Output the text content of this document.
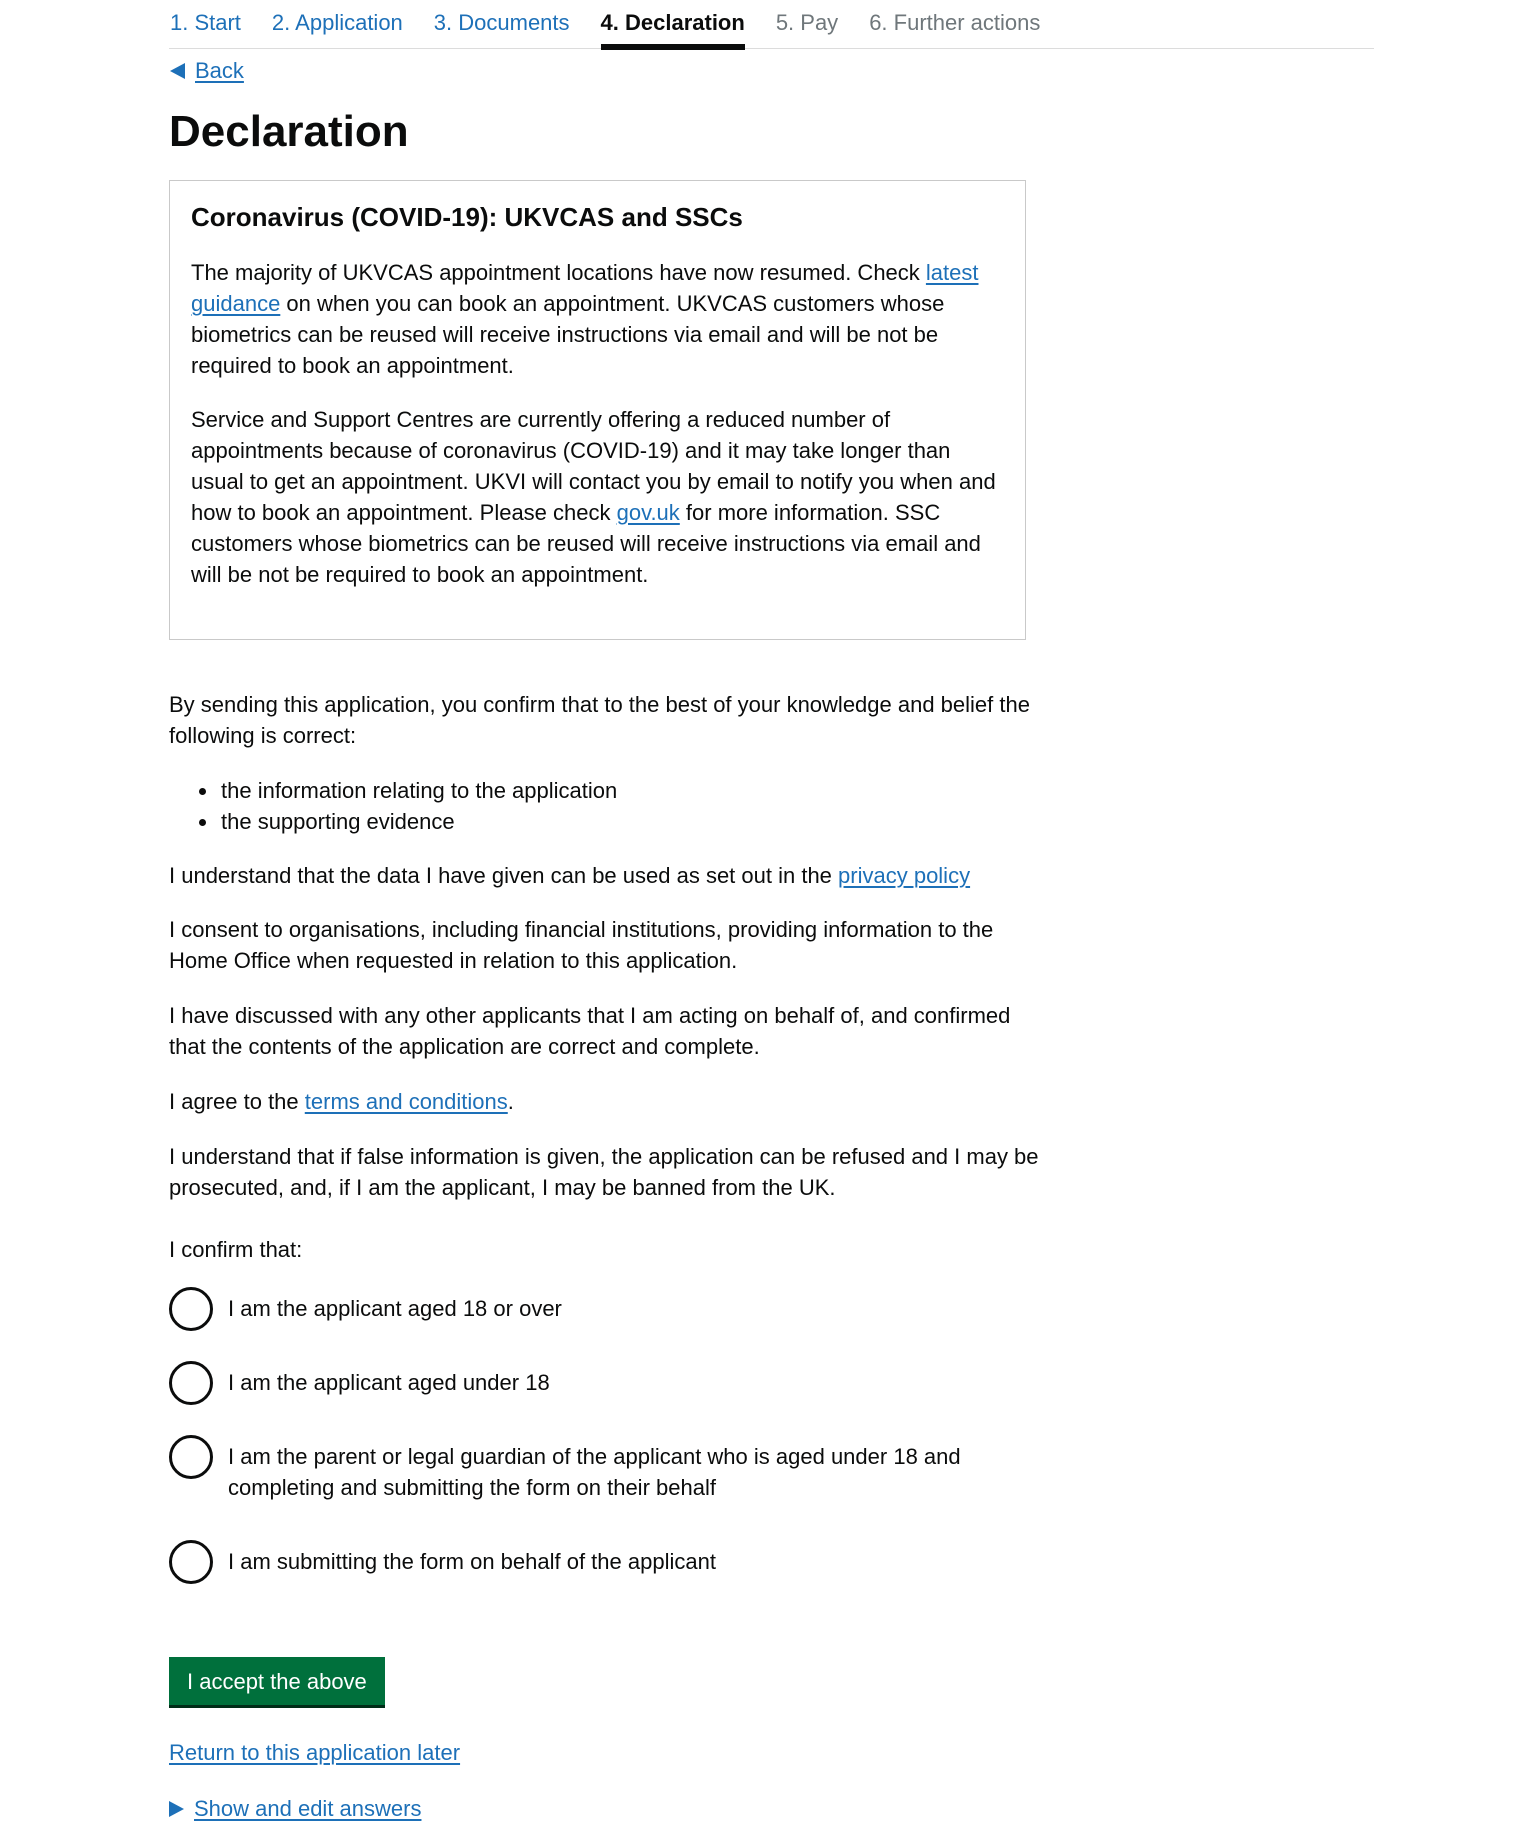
1. Start 2. Application 3. Documents 4. Declaration 5. Pay 6. Further actions
Back
Declaration
Coronavirus (COVID-19): UKVCAS and SSCs

The majority of UKVCAS appointment locations have now resumed. Check latest guidance on when you can book an appointment. UKVCAS customers whose biometrics can be reused will receive instructions via email and will be not be required to book an appointment.

Service and Support Centres are currently offering a reduced number of appointments because of coronavirus (COVID-19) and it may take longer than usual to get an appointment. UKVI will contact you by email to notify you when and how to book an appointment. Please check gov.uk for more information. SSC customers whose biometrics can be reused will receive instructions via email and will be not be required to book an appointment.

By sending this application, you confirm that to the best of your knowledge and belief the following is correct:

• the information relating to the application
• the supporting evidence

I understand that the data I have given can be used as set out in the privacy policy

I consent to organisations, including financial institutions, providing information to the Home Office when requested in relation to this application.

I have discussed with any other applicants that I am acting on behalf of, and confirmed that the contents of the application are correct and complete.

I agree to the terms and conditions.

I understand that if false information is given, the application can be refused and I may be prosecuted, and, if I am the applicant, I may be banned from the UK.

I confirm that:

I am the applicant aged 18 or over
I am the applicant aged under 18
I am the parent or legal guardian of the applicant who is aged under 18 and completing and submitting the form on their behalf
I am submitting the form on behalf of the applicant
I accept the above
Return to this application later
Show and edit answers
